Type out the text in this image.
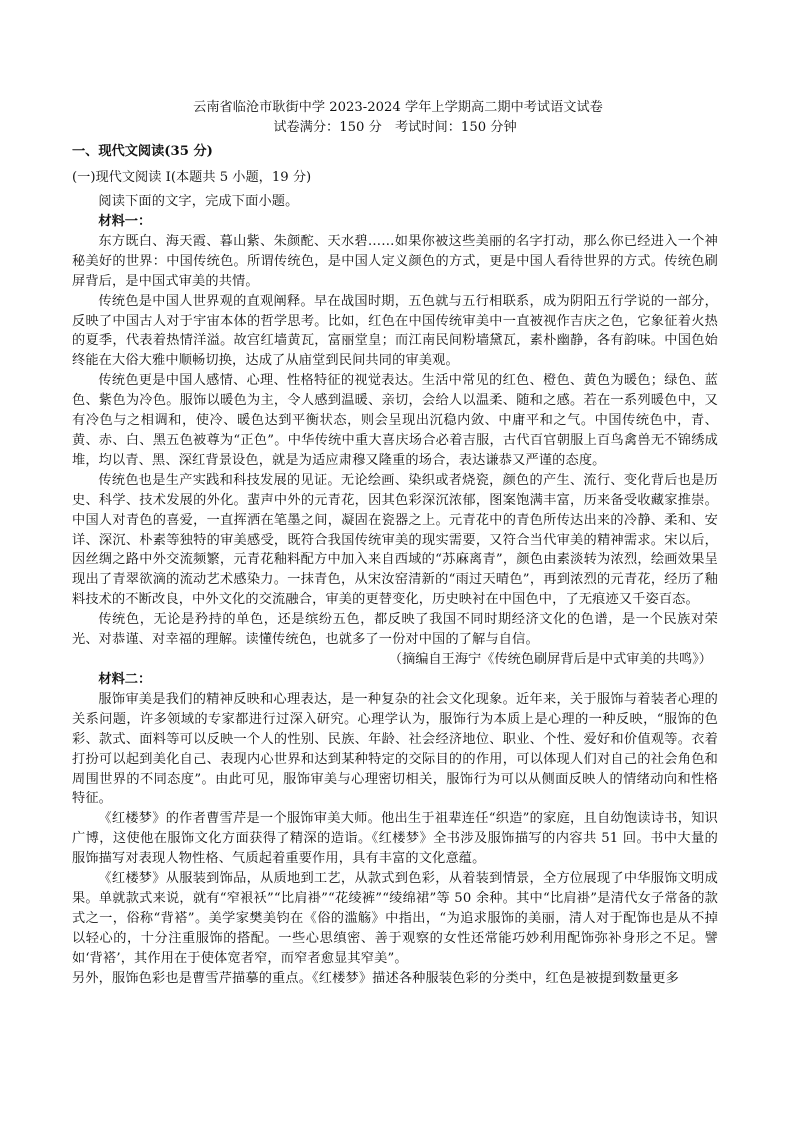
云南省临沧市耿街中学 2023-2024 学年上学期高二期中考试语文试卷

试卷满分：150 分　考试时间：150 分钟

一、现代文阅读(35 分)

(一)现代文阅读 I(本题共 5 小题，19 分)

阅读下面的文字，完成下面小题。

材料一：

东方既白、海天霞、暮山紫、朱颜酡、天水碧……如果你被这些美丽的名字打动，那么你已经进入一个神秘美好的世界：中国传统色。所谓传统色，是中国人定义颜色的方式，更是中国人看待世界的方式。传统色刷屏背后，是中国式审美的共情。

传统色是中国人世界观的直观阐释。早在战国时期，五色就与五行相联系，成为阴阳五行学说的一部分，反映了中国古人对于宇宙本体的哲学思考。比如，红色在中国传统审美中一直被视作吉庆之色，它象征着火热的夏季，代表着热情洋溢。故宫红墙黄瓦，富丽堂皇；而江南民间粉墙黛瓦，素朴幽静，各有韵味。中国色始终能在大俗大雅中顺畅切换，达成了从庙堂到民间共同的审美观。

传统色更是中国人感情、心理、性格特征的视觉表达。生活中常见的红色、橙色、黄色为暖色；绿色、蓝色、紫色为冷色。服饰以暖色为主，令人感到温暖、亲切，会给人以温柔、随和之感。若在一系列暖色中，又有冷色与之相调和，使冷、暖色达到平衡状态，则会呈现出沉稳内敛、中庸平和之气。中国传统色中，青、黄、赤、白、黑五色被尊为“正色”。中华传统中重大喜庆场合必着吉服，古代百官朝服上百鸟禽兽无不锦绣成堆，均以青、黑、深红背景设色，就是为适应肃穆又隆重的场合，表达谦恭又严谨的态度。

传统色也是生产实践和科技发展的见证。无论绘画、染织或者烧瓷，颜色的产生、流行、变化背后也是历史、科学、技术发展的外化。蜚声中外的元青花，因其色彩深沉浓郁，图案饱满丰富，历来备受收藏家推崇。中国人对青色的喜爱，一直挥洒在笔墨之间，凝固在瓷器之上。元青花中的青色所传达出来的冷静、柔和、安详、深沉、朴素等独特的审美感受，既符合我国传统审美的现实需要，又符合当代审美的精神需求。宋以后，因丝绸之路中外交流频繁，元青花釉料配方中加入来自西域的“苏麻离青”，颜色由素淡转为浓烈，绘画效果呈现出了青翠欲滴的流动艺术感染力。一抹青色，从宋汝窑清新的“雨过天晴色”，再到浓烈的元青花，经历了釉料技术的不断改良，中外文化的交流融合，审美的更替变化，历史映衬在中国色中，了无痕迹又千姿百态。

传统色，无论是矜持的单色，还是缤纷五色，都反映了我国不同时期经济文化的色谱，是一个民族对荣光、对恭谨、对幸福的理解。读懂传统色，也就多了一份对中国的了解与自信。

（摘编自王海宁《传统色刷屏背后是中式审美的共鸣》）

材料二：

服饰审美是我们的精神反映和心理表达，是一种复杂的社会文化现象。近年来，关于服饰与着装者心理的关系问题，许多领域的专家都进行过深入研究。心理学认为，服饰行为本质上是心理的一种反映，“服饰的色彩、款式、面料等可以反映一个人的性别、民族、年龄、社会经济地位、职业、个性、爱好和价值观等。衣着打扮可以起到美化自己、表现内心世界和达到某种特定的交际目的的作用，可以体现人们对自己的社会角色和周围世界的不同态度”。由此可见，服饰审美与心理密切相关，服饰行为可以从侧面反映人的情绪动向和性格特征。

《红楼梦》的作者曹雪芹是一个服饰审美大师。他出生于祖辈连任“织造”的家庭，且自幼饱读诗书，知识广博，这使他在服饰文化方面获得了精深的造诣。《红楼梦》全书涉及服饰描写的内容共 51 回。书中大量的服饰描写对表现人物性格、气质起着重要作用，具有丰富的文化意蕴。

《红楼梦》从服装到饰品，从质地到工艺，从款式到色彩，从着装到情景，全方位展现了中华服饰文明成果。单就款式来说，就有“窄裉袄”“比肩褂”“花绫裤”“绫绵裙”等 50 余种。其中“比肩褂”是清代女子常备的款式之一，俗称“背褡”。美学家樊美钧在《俗的滥觞》中指出，“为追求服饰的美丽，清人对于配饰也是从不掉以轻心的，十分注重服饰的搭配。一些心思缜密、善于观察的女性还常能巧妙利用配饰弥补身形之不足。譬如‘背褡’，其作用在于使体宽者窄，而窄者愈显其窄美”。

另外，服饰色彩也是曹雪芹描摹的重点。《红楼梦》描述各种服装色彩的分类中，红色是被提到数量更多
